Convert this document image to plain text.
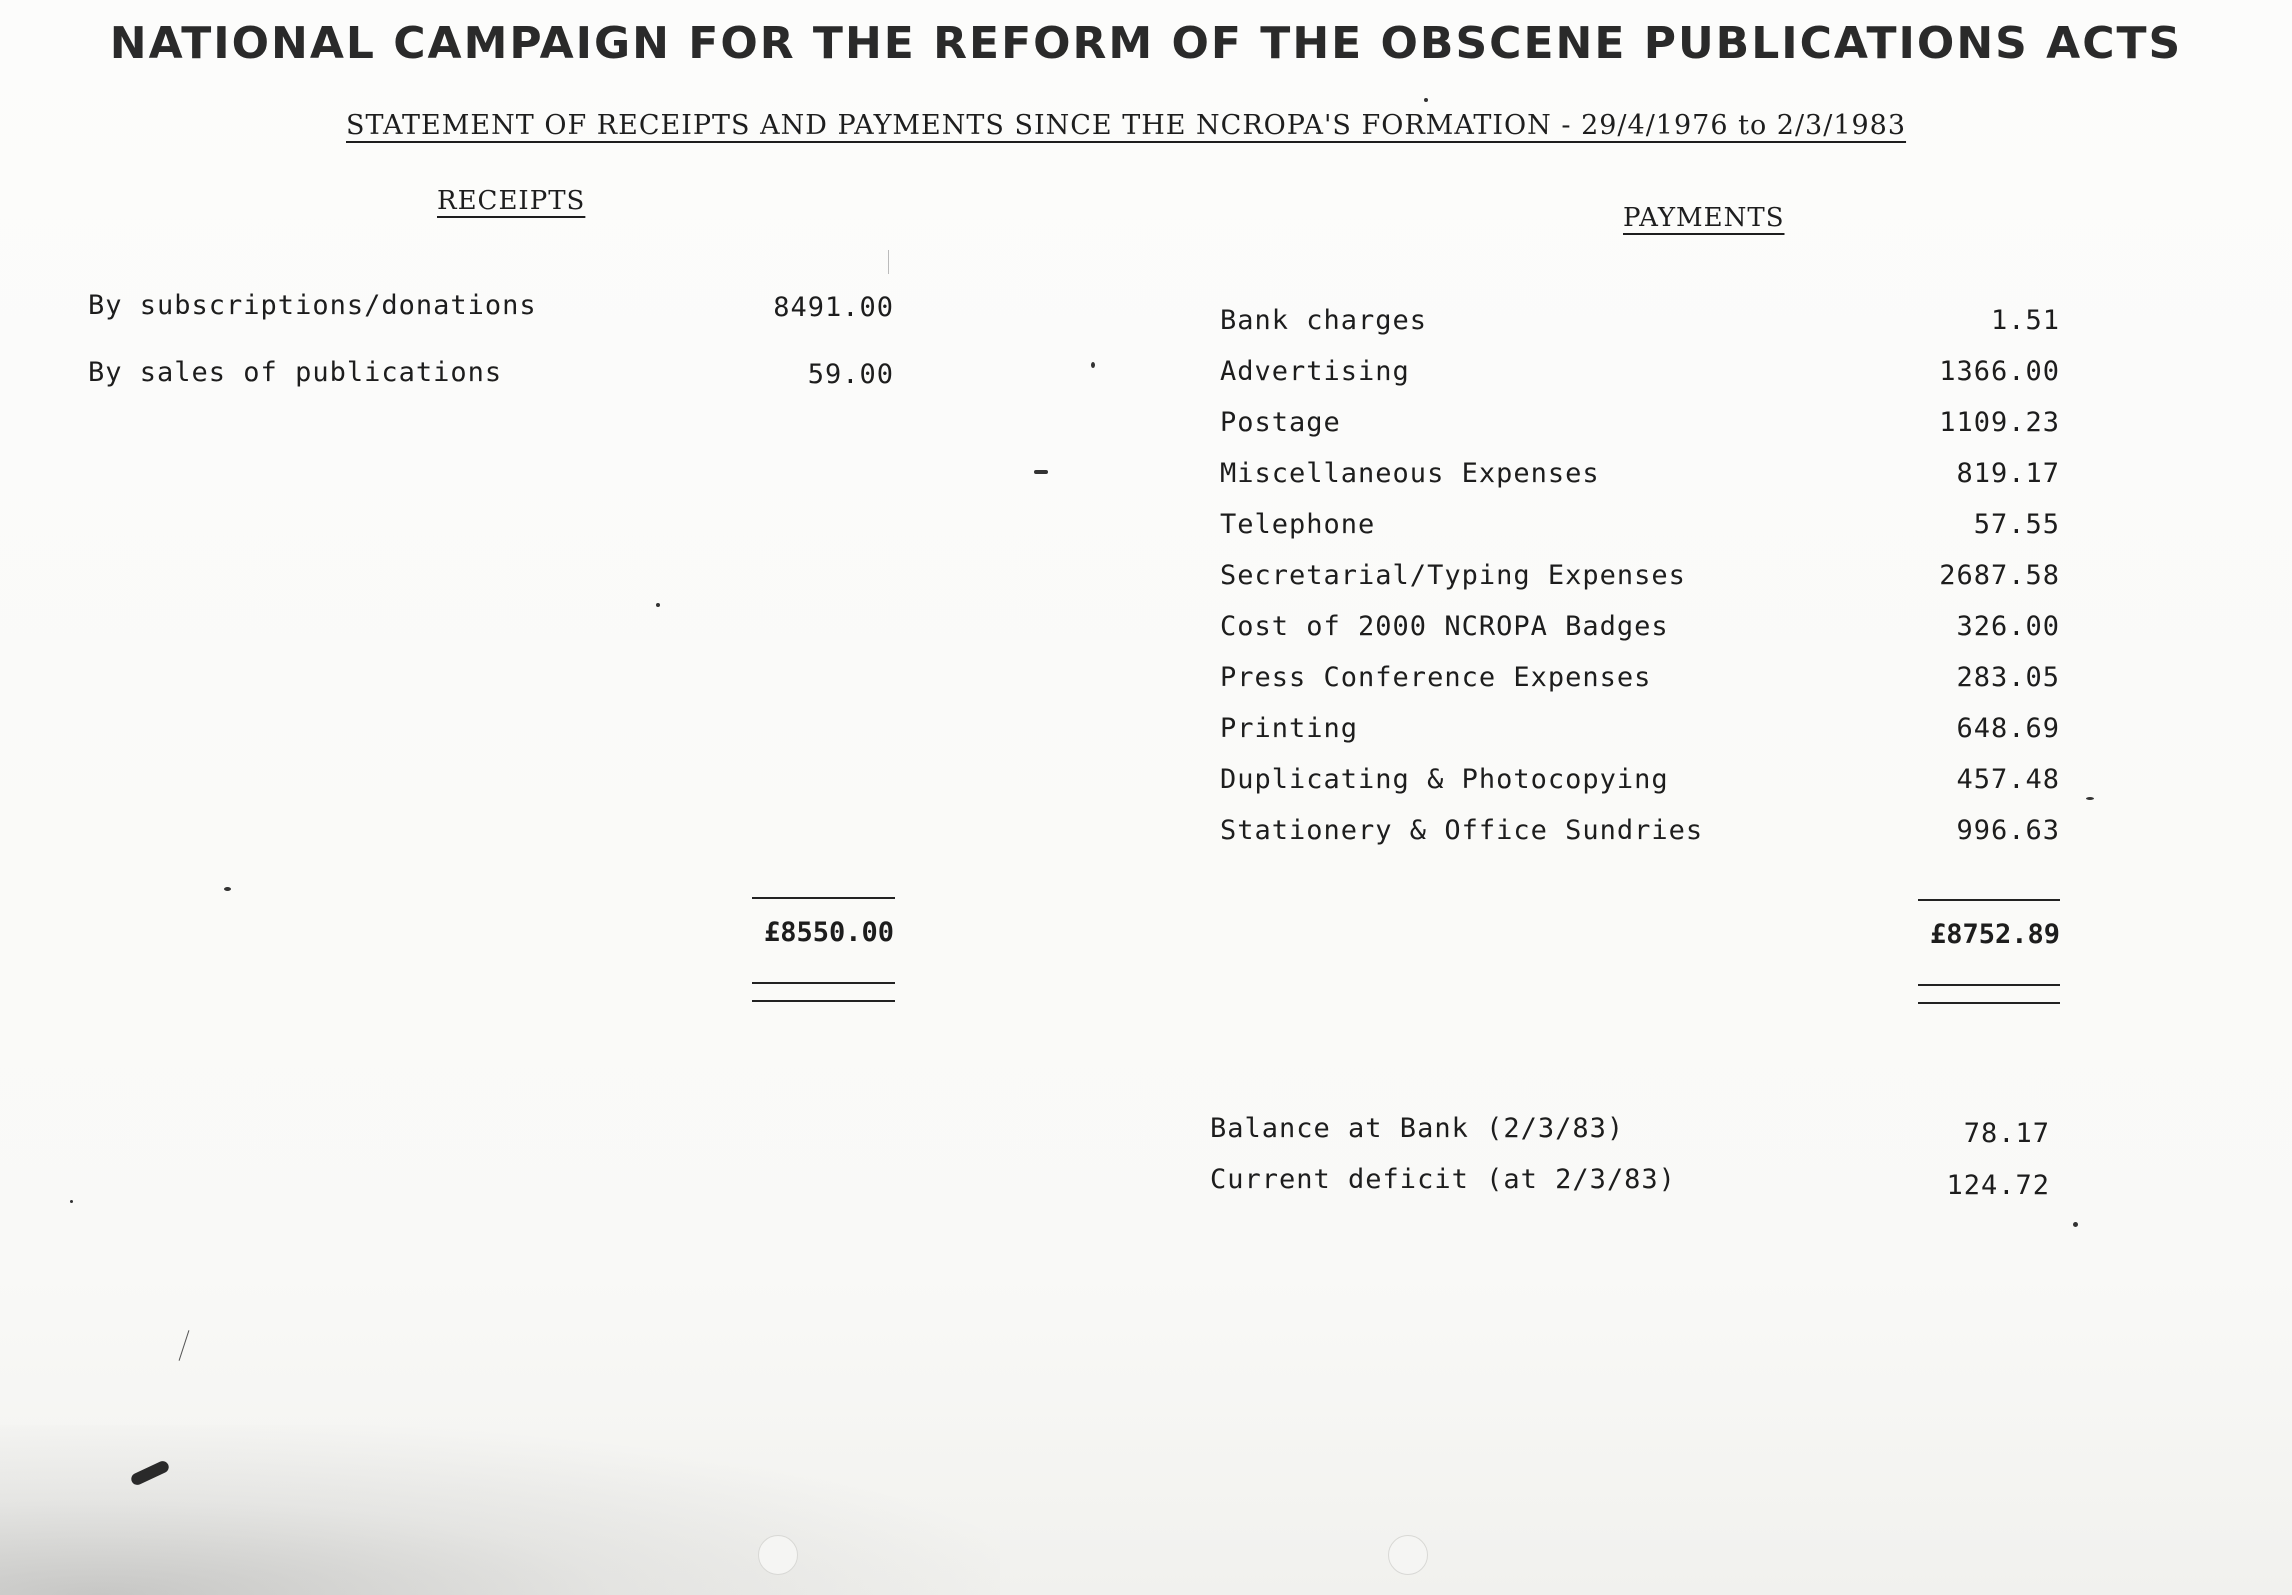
NATIONAL CAMPAIGN FOR THE REFORM OF THE OBSCENE PUBLICATIONS ACTS
STATEMENT OF RECEIPTS AND PAYMENTS SINCE THE NCROPA'S FORMATION - 29/4/1976 to 2/3/1983
RECEIPTS
By subscriptions/donations	8491.00
By sales of publications	59.00
£8550.00
PAYMENTS
Bank charges	1.51
Advertising	1366.00
Postage	1109.23
Miscellaneous Expenses	819.17
Telephone	57.55
Secretarial/Typing Expenses	2687.58
Cost of 2000 NCROPA Badges	326.00
Press Conference Expenses	283.05
Printing	648.69
Duplicating & Photocopying	457.48
Stationery & Office Sundries	996.63
£8752.89
Balance at Bank (2/3/83)	78.17
Current deficit (at 2/3/83)	124.72
